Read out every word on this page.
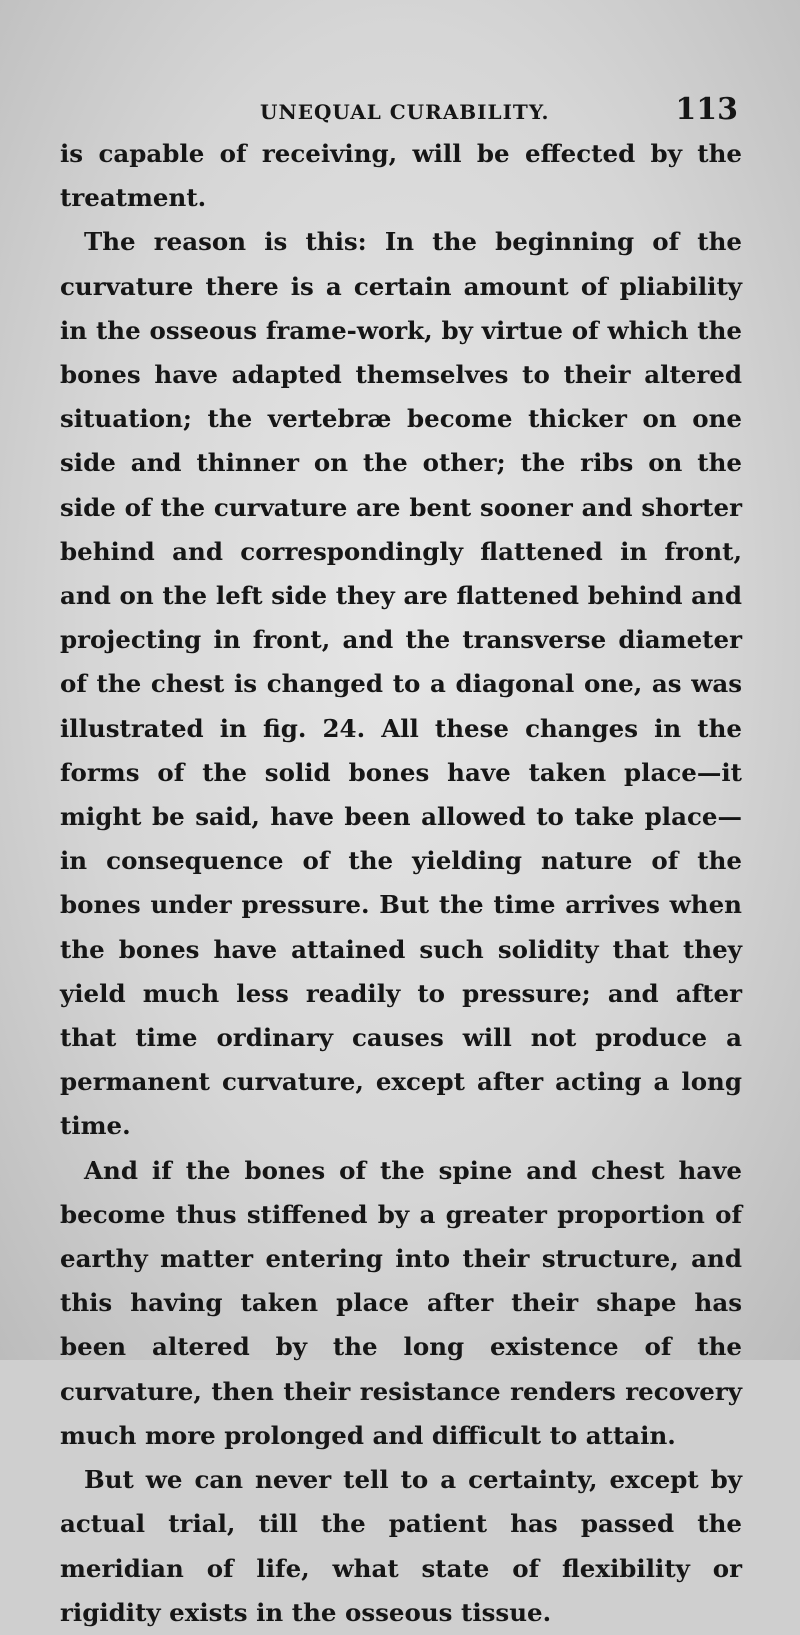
UNEQUAL CURABILITY.	113

is capable of receiving, will be effected by the treatment.

The reason is this: In the beginning of the curvature there is a certain amount of pliability in the osseous frame-work, by virtue of which the bones have adapted themselves to their altered situation; the vertebræ become thicker on one side and thinner on the other; the ribs on the side of the curvature are bent sooner and shorter behind and correspondingly flattened in front, and on the left side they are flattened behind and projecting in front, and the transverse diameter of the chest is changed to a diagonal one, as was illustrated in fig. 24. All these changes in the forms of the solid bones have taken place—it might be said, have been allowed to take place—in consequence of the yielding nature of the bones under pressure. But the time arrives when the bones have attained such solidity that they yield much less readily to pressure; and after that time ordinary causes will not produce a permanent curvature, except after acting a long time.

And if the bones of the spine and chest have become thus stiffened by a greater proportion of earthy matter entering into their structure, and this having taken place after their shape has been altered by the long existence of the curvature, then their resistance renders recovery much more prolonged and difficult to attain.

But we can never tell to a certainty, except by actual trial, till the patient has passed the meridian of life, what state of flexibility or rigidity exists in the osseous tissue.
